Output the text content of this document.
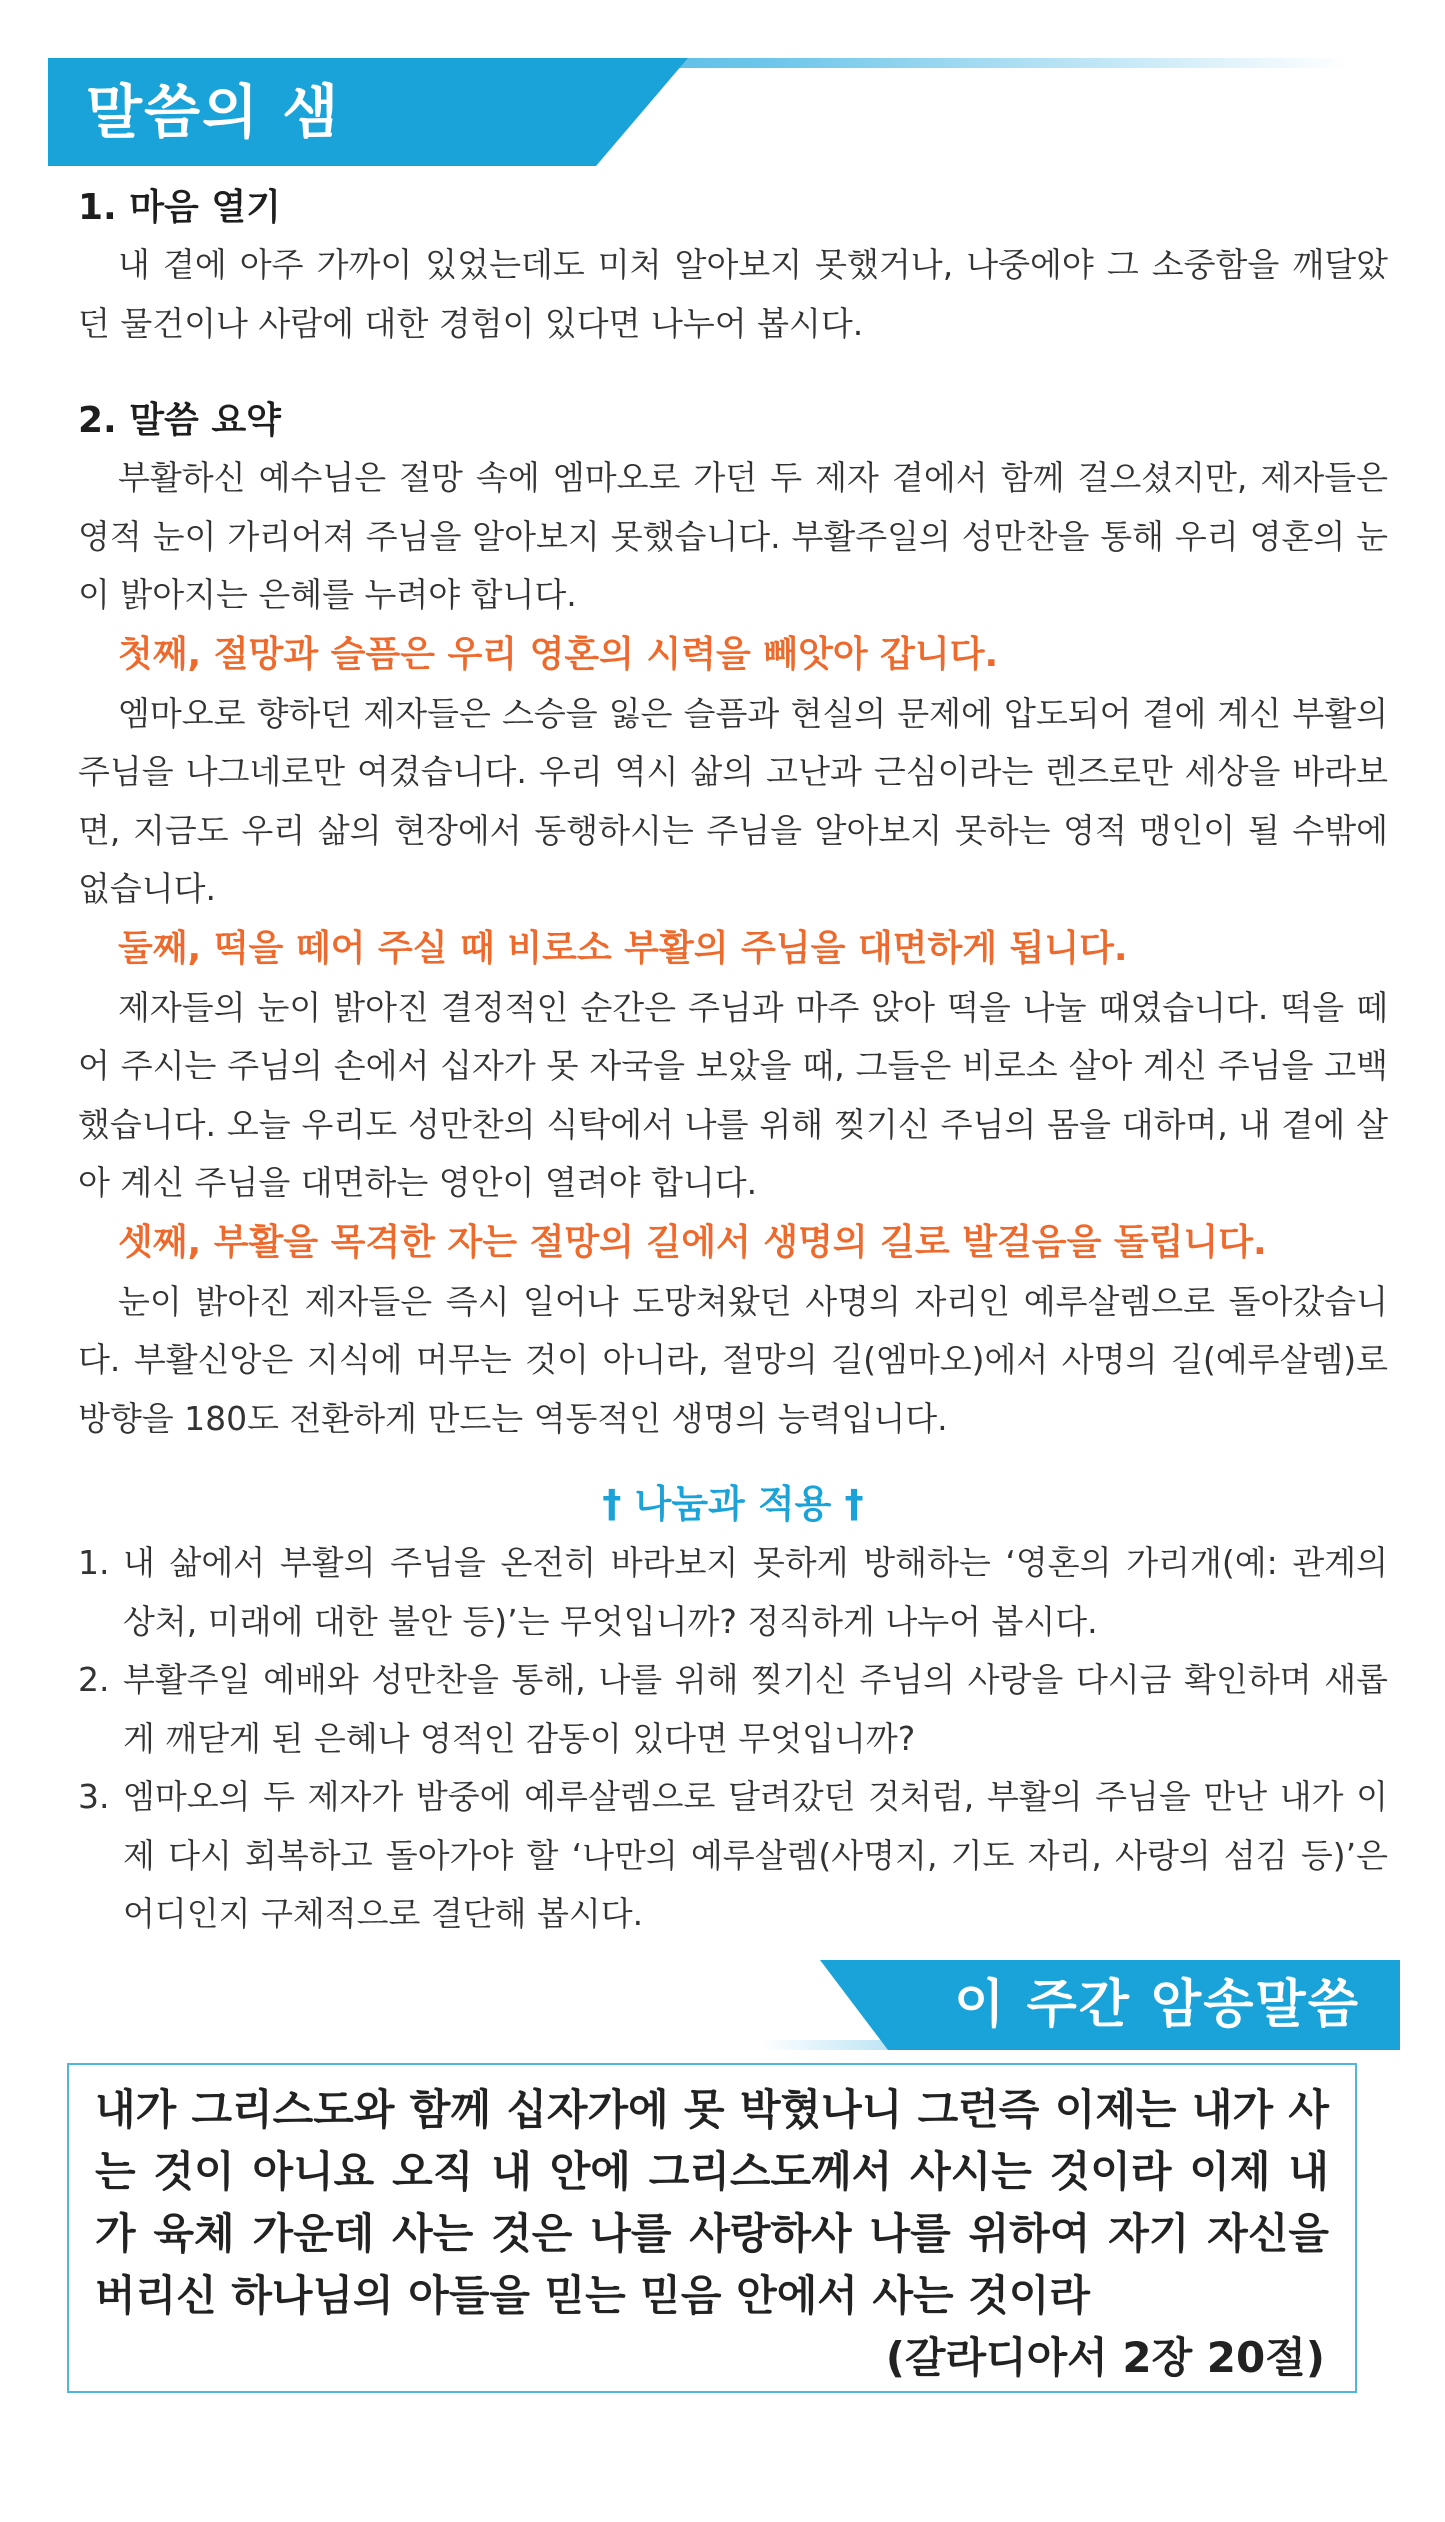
말씀의 샘
1. 마음 열기

내 곁에 아주 가까이 있었는데도 미처 알아보지 못했거나, 나중에야 그 소중함을 깨달았던 물건이나 사람에 대한 경험이 있다면 나누어 봅시다.

2. 말씀 요약

부활하신 예수님은 절망 속에 엠마오로 가던 두 제자 곁에서 함께 걸으셨지만, 제자들은 영적 눈이 가리어져 주님을 알아보지 못했습니다. 부활주일의 성만찬을 통해 우리 영혼의 눈이 밝아지는 은혜를 누려야 합니다.

첫째, 절망과 슬픔은 우리 영혼의 시력을 빼앗아 갑니다.

엠마오로 향하던 제자들은 스승을 잃은 슬픔과 현실의 문제에 압도되어 곁에 계신 부활의 주님을 나그네로만 여겼습니다. 우리 역시 삶의 고난과 근심이라는 렌즈로만 세상을 바라보면, 지금도 우리 삶의 현장에서 동행하시는 주님을 알아보지 못하는 영적 맹인이 될 수밖에 없습니다.

둘째, 떡을 떼어 주실 때 비로소 부활의 주님을 대면하게 됩니다.

제자들의 눈이 밝아진 결정적인 순간은 주님과 마주 앉아 떡을 나눌 때였습니다. 떡을 떼어 주시는 주님의 손에서 십자가 못 자국을 보았을 때, 그들은 비로소 살아 계신 주님을 고백했습니다. 오늘 우리도 성만찬의 식탁에서 나를 위해 찢기신 주님의 몸을 대하며, 내 곁에 살아 계신 주님을 대면하는 영안이 열려야 합니다.

셋째, 부활을 목격한 자는 절망의 길에서 생명의 길로 발걸음을 돌립니다.

눈이 밝아진 제자들은 즉시 일어나 도망쳐왔던 사명의 자리인 예루살렘으로 돌아갔습니다. 부활신앙은 지식에 머무는 것이 아니라, 절망의 길(엠마오)에서 사명의 길(예루살렘)로 방향을 180도 전환하게 만드는 역동적인 생명의 능력입니다.

† 나눔과 적용 †
1. 내 삶에서 부활의 주님을 온전히 바라보지 못하게 방해하는 ‘영혼의 가리개(예: 관계의 상처, 미래에 대한 불안 등)’는 무엇입니까? 정직하게 나누어 봅시다.
2. 부활주일 예배와 성만찬을 통해, 나를 위해 찢기신 주님의 사랑을 다시금 확인하며 새롭게 깨닫게 된 은혜나 영적인 감동이 있다면 무엇입니까?
3. 엠마오의 두 제자가 밤중에 예루살렘으로 달려갔던 것처럼, 부활의 주님을 만난 내가 이제 다시 회복하고 돌아가야 할 ‘나만의 예루살렘(사명지, 기도 자리, 사랑의 섬김 등)’은 어디인지 구체적으로 결단해 봅시다.
이 주간 암송말씀
내가 그리스도와 함께 십자가에 못 박혔나니 그런즉 이제는 내가 사는 것이 아니요 오직 내 안에 그리스도께서 사시는 것이라 이제 내가 육체 가운데 사는 것은 나를 사랑하사 나를 위하여 자기 자신을 버리신 하나님의 아들을 믿는 믿음 안에서 사는 것이라
(갈라디아서 2장 20절)
